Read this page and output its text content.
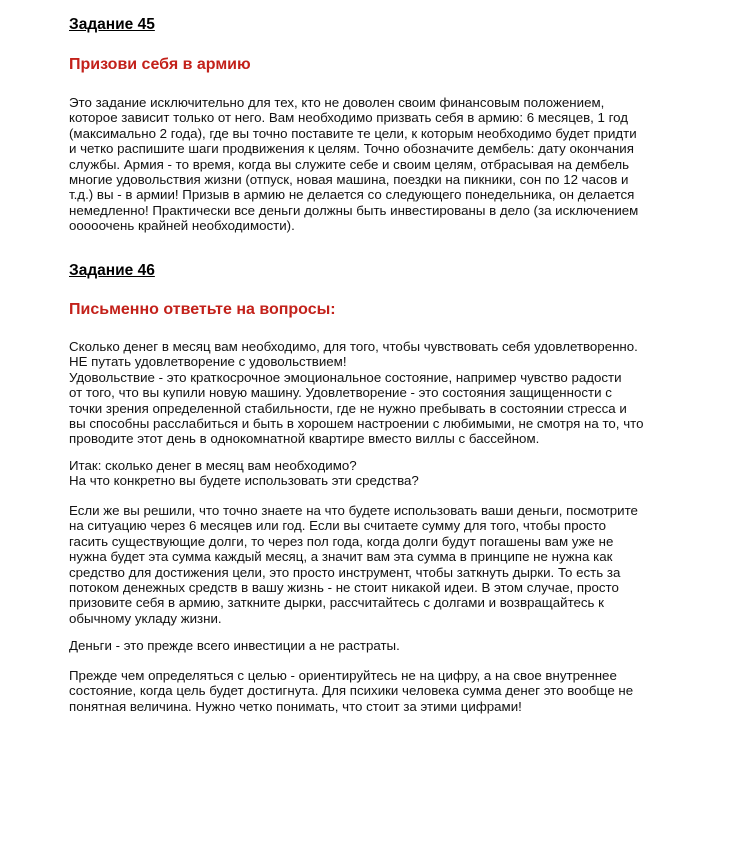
Задание 45
Призови себя в армию

Это задание исключительно для тех, кто не доволен своим финансовым положением,
которое зависит только от него. Вам необходимо призвать себя в армию: 6 месяцев, 1 год
(максимально 2 года), где вы точно поставите те цели, к которым необходимо будет придти
и четко распишите шаги продвижения к целям. Точно обозначите дембель: дату окончания
службы. Армия - то время, когда вы служите себе и своим целям, отбрасывая на дембель
многие удовольствия жизни (отпуск, новая машина, поездки на пикники, сон по 12 часов и
т.д.) вы - в армии! Призыв в армию не делается со следующего понедельника, он делается
немедленно! Практически все деньги должны быть инвестированы в дело (за исключением
ооооочень крайней необходимости).

Задание 46
Письменно ответьте на вопросы:

Сколько денег в месяц вам необходимо, для того, чтобы чувствовать себя удовлетворенно.
НЕ путать удовлетворение с удовольствием!
Удовольствие - это краткосрочное эмоциональное состояние, например чувство радости
от того, что вы купили новую машину. Удовлетворение - это состояния защищенности с
точки зрения определенной стабильности, где не нужно пребывать в состоянии стресса и
вы способны расслабиться и быть в хорошем настроении с любимыми, не смотря на то, что
проводите этот день в однокомнатной квартире вместо виллы с бассейном.

Итак: сколько денег в месяц вам необходимо?
На что конкретно вы будете использовать эти средства?

Если же вы решили, что точно знаете на что будете использовать ваши деньги, посмотрите
на ситуацию через 6 месяцев или год. Если вы считаете сумму для того, чтобы просто
гасить существующие долги, то через пол года, когда долги будут погашены вам уже не
нужна будет эта сумма каждый месяц, а значит вам эта сумма в принципе не нужна как
средство для достижения цели, это просто инструмент, чтобы заткнуть дырки. То есть за
потоком денежных средств в вашу жизнь - не стоит никакой идеи. В этом случае, просто
призовите себя в армию, заткните дырки, рассчитайтесь с долгами и возвращайтесь к
обычному укладу жизни.

Деньги - это прежде всего инвестиции а не растраты.

Прежде чем определяться с целью - ориентируйтесь не на цифру, а на свое внутреннее
состояние, когда цель будет достигнута. Для психики человека сумма денег это вообще не
понятная величина. Нужно четко понимать, что стоит за этими цифрами!
